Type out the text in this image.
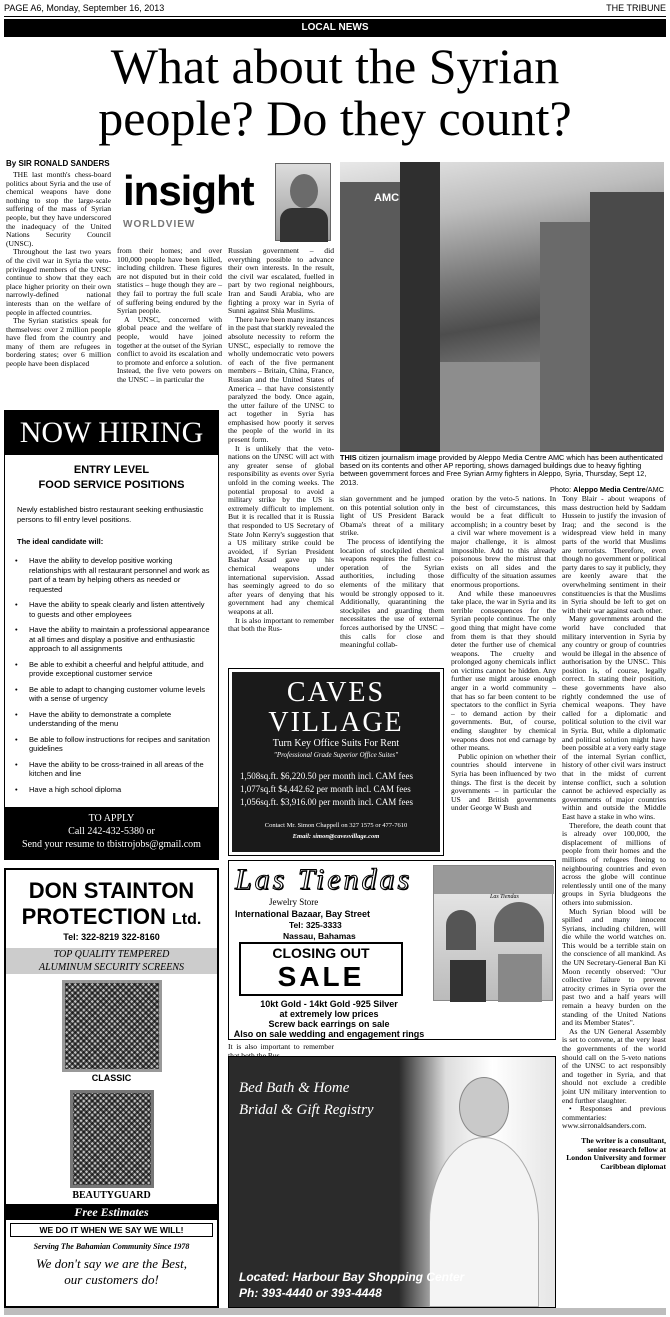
PAGE A6, Monday, September 16, 2013	THE TRIBUNE
LOCAL NEWS
What about the Syrian
people? Do they count?
By SIR RONALD SANDERS

THE last month's chess-board politics about Syria and the use of chemical weapons have done nothing to stop the large-scale suffering of the mass of Syrian people, but they have underscored the inadequacy of the United Nations Security Council (UNSC).

Throughout the last two years of the civil war in Syria the veto-privileged members of the UNSC continue to show that they each place higher priority on their own narrowly-defined national interests than on the welfare of people in affected countries.

The Syrian statistics speak for themselves: over 2 million people have fled from the country and many of them are refugees in bordering states; over 6 million people have been displaced

insight
WORLDVIEW

from their homes; and over 100,000 people have been killed, including children. These figures are not disputed but in their cold statistics – huge though they are – they fail to portray the full scale of suffering being endured by the Syrian people.

A UNSC, concerned with global peace and the welfare of people, would have joined together at the outset of the Syrian conflict to avoid its escalation and to promote and enforce a solution. Instead, the five veto powers on the UNSC – in particular the

Russian government – did everything possible to advance their own interests. In the result, the civil war escalated, fuelled in part by two regional neighbours, Iran and Saudi Arabia, who are fighting a proxy war in Syria of Sunni against Shia Muslims.

There have been many instances in the past that starkly revealed the absolute necessity to reform the UNSC, especially to remove the wholly undemocratic veto powers of each of the five permanent members – Britain, China, France, Russian and the United States of America – that have consistently paralyzed the body. Once again, the utter failure of the UNSC to act together in Syria has emphasised how poorly it serves the people of the world in its present form.

It is unlikely that the veto-nations on the UNSC will act with any greater sense of global responsibility as events over Syria unfold in the coming weeks. The potential proposal to avoid a military strike by the US is extremely difficult to implement. But it is recalled that it is Russia that responded to US Secretary of State John Kerry's suggestion that a US military strike could be avoided, if Syrian President Bashar Assad gave up his chemical weapons under international supervision. Assad has seemingly agreed to do so after years of denying that his government had any chemical weapons at all.

It is also important to remember that both the Rus-

AMC
THIS citizen journalism image provided by Aleppo Media Centre AMC which has been authenticated based on its contents and other AP reporting, shows damaged buildings due to heavy fighting between government forces and Free Syrian Army fighters in Aleppo, Syria, Thursday, Sept 12, 2013.
Photo: Aleppo Media Centre/AMC

sian government and he jumped on this potential solution only in light of US President Barack Obama's threat of a military strike.

The process of identifying the location of stockpiled chemical weapons requires the fullest co-operation of the Syrian authorities, including those elements of the military that would be strongly opposed to it. Additionally, quarantining the stockpiles and guarding them necessitates the use of external forces authorised by the UNSC – this calls for close and meaningful collab-

oration by the veto-5 nations. In the best of circumstances, this would be a feat difficult to accomplish; in a country beset by a civil war where movement is a major challenge, it is almost impossible. Add to this already poisonous brew the mistrust that exists on all sides and the difficulty of the situation assumes enormous proportions.

And while these manoeuvres take place, the war in Syria and its terrible consequences for the Syrian people continue. The only good thing that might have come from them is that they should deter the further use of chemical weapons. The cruelty and prolonged agony chemicals inflict on victims cannot be hidden. Any further use might arouse enough anger in a world community – that has so far been content to be spectators to the conflict in Syria – to demand action by their governments. But, of course, ending slaughter by chemical weapons does not end carnage by other means.

Public opinion on whether their countries should intervene in Syria has been influenced by two things. The first is the deceit by governments – in particular the US and British governments under George W Bush and

Tony Blair - about weapons of mass destruction held by Saddam Hussein to justify the invasion of Iraq; and the second is the widespread view held in many parts of the world that Muslims are terrorists. Therefore, even though no government or political party dares to say it publicly, they are keenly aware that the overwhelming sentiment in their constituencies is that the Muslims in Syria should be left to get on with their war against each other.

Many governments around the world have concluded that military intervention in Syria by any country or group of countries would be illegal in the absence of authorisation by the UNSC. This position is, of course, legally correct. In stating their position, these governments have also rightly condemned the use of chemical weapons. They have called for a diplomatic and political solution to the civil war in Syria. But, while a diplomatic and political solution might have been possible at a very early stage of the internal Syrian conflict, history of other civil wars instruct that in the midst of current intense conflict, such a solution cannot be achieved especially as governments of major countries within and outside the Middle East have a stake in who wins.

Therefore, the death count that is already over 100,000, the displacement of millions of people from their homes and the millions of refugees fleeing to neighbouring countries and even across the globe will continue relentlessly until one of the many groups in Syria bludgeons the others into submission.

Much Syrian blood will be spilled and many innocent Syrians, including children, will die while the world watches on. This would be a terrible stain on the conscience of all mankind. As the UN Secretary-General Ban Ki Moon recently observed: "Our collective failure to prevent atrocity crimes in Syria over the past two and a half years will remain a heavy burden on the standing of the United Nations and its Member States".

As the UN General Assembly is set to convene, at the very least the governments of the world should call on the 5-veto nations of the UNSC to act responsibly and together in Syria, and that should not exclude a credible joint UN military intervention to end further slaughter.

• Responses and previous commentaries: www.sirronaldsanders.com.

The writer is a consultant, senior research fellow at London University and former Caribbean diplomat

NOW HIRING
ENTRY LEVEL
FOOD SERVICE POSITIONS
Newly established bistro restaurant seeking enthusiastic persons to fill entry level positions.
The ideal candidate will:
• Have the ability to develop positive working relationships with all restaurant personnel and work as part of a team by helping others as needed or requested
• Have the ability to speak clearly and listen attentively to guests and other employees
• Have the ability to maintain a professional appearance at all times and display a positive and enthusiastic approach to all assignments
• Be able to exhibit a cheerful and helpful attitude, and provide exceptional customer service
• Be able to adapt to changing customer volume levels with a sense of urgency
• Have the ability to demonstrate a complete understanding of the menu
• Be able to follow instructions for recipes and sanitation guidelines
• Have the ability to be cross-trained in all areas of the kitchen and line
• Have a high school diploma
TO APPLY
Call 242-432-5380 or
Send your resume to tbistrojobs@gmail.com
CAVES
VILLAGE
Turn Key Office Suits For Rent
"Professional Grade Superior Office Suites"
1,508sq.ft. $6,220.50 per month incl. CAM fees
1,077sq.ft $4,442.62 per month incl. CAM fees
1,056sq.ft. $3,916.00 per month incl. CAM fees
Contact Mr. Simon Chappell on 327 1575 or 477-7610
Email: simon@cavesvillage.com
Las Tiendas
Jewelry Store
International Bazaar, Bay Street
Tel: 325-3333
Nassau, Bahamas
CLOSING OUT
SALE
10kt Gold - 14kt Gold -925 Silver
at extremely low prices
Screw back earrings on sale
Also on sale wedding and engagement rings
Las Tiendas
It is also important to remember
Bed Bath & Home
Bridal & Gift Registry
Located: Harbour Bay Shopping Center
Ph: 393-4440 or 393-4448
DON STAINTON
PROTECTION Ltd.
Tel: 322-8219 322-8160
TOP QUALITY TEMPERED
ALUMINUM SECURITY SCREENS
CLASSIC
BEAUTYGUARD
Free Estimates
WE DO IT WHEN WE SAY WE WILL!
Serving The Bahamian Community Since 1978
We don't say we are the Best,
our customers do!
